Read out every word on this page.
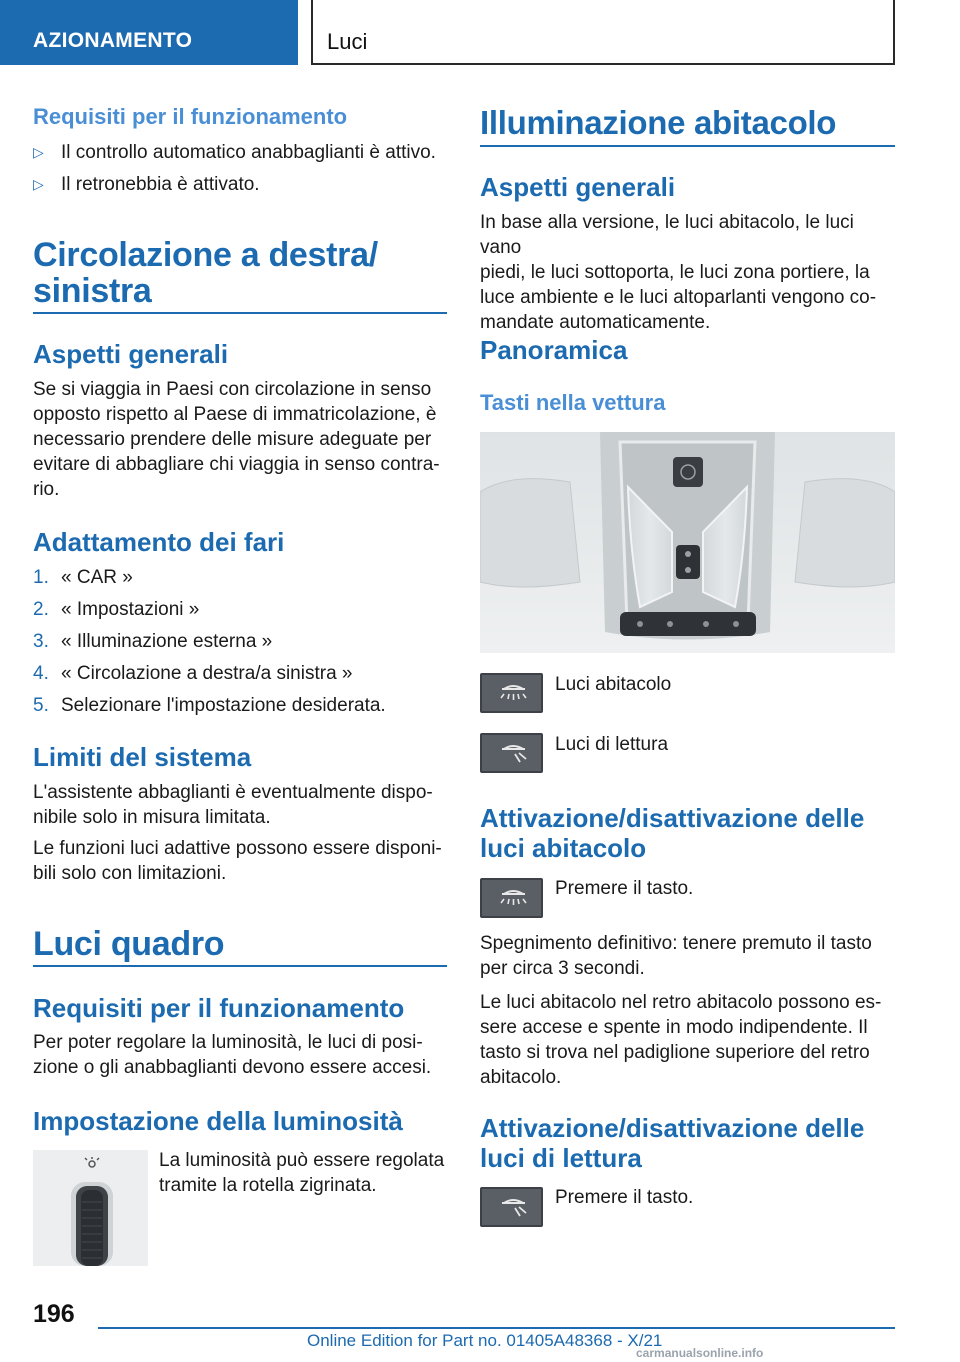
AZIONAMENTO	Luci
Requisiti per il funzionamento
▷ Il controllo automatico anabbaglianti è attivo.
▷ Il retronebbia è attivato.
Circolazione a destra/
sinistra
Aspetti generali
Se si viaggia in Paesi con circolazione in senso
opposto rispetto al Paese di immatricolazione, è
necessario prendere delle misure adeguate per
evitare di abbagliare chi viaggia in senso contra-
rio.
Adattamento dei fari
1. « CAR »
2. « Impostazioni »
3. « Illuminazione esterna »
4. « Circolazione a destra/a sinistra »
5. Selezionare l'impostazione desiderata.
Limiti del sistema
L'assistente abbaglianti è eventualmente dispo-
nibile solo in misura limitata.
Le funzioni luci adattive possono essere disponi-
bili solo con limitazioni.
Luci quadro
Requisiti per il funzionamento
Per poter regolare la luminosità, le luci di posi-
zione o gli anabbaglianti devono essere accesi.
Impostazione della luminosità
La luminosità può essere regolata
tramite la rotella zigrinata.
Illuminazione abitacolo
Aspetti generali
In base alla versione, le luci abitacolo, le luci vano
piedi, le luci sottoporta, le luci zona portiere, la
luce ambiente e le luci altoparlanti vengono co-
mandate automaticamente.
Panoramica
Tasti nella vettura
Luci abitacolo
Luci di lettura
Attivazione/disattivazione delle
luci abitacolo
Premere il tasto.
Spegnimento definitivo: tenere premuto il tasto
per circa 3 secondi.
Le luci abitacolo nel retro abitacolo possono es-
sere accese e spente in modo indipendente. Il
tasto si trova nel padiglione superiore del retro
abitacolo.
Attivazione/disattivazione delle
luci di lettura
Premere il tasto.
196
Online Edition for Part no. 01405A48368 - X/21
carmanualsonline.info
